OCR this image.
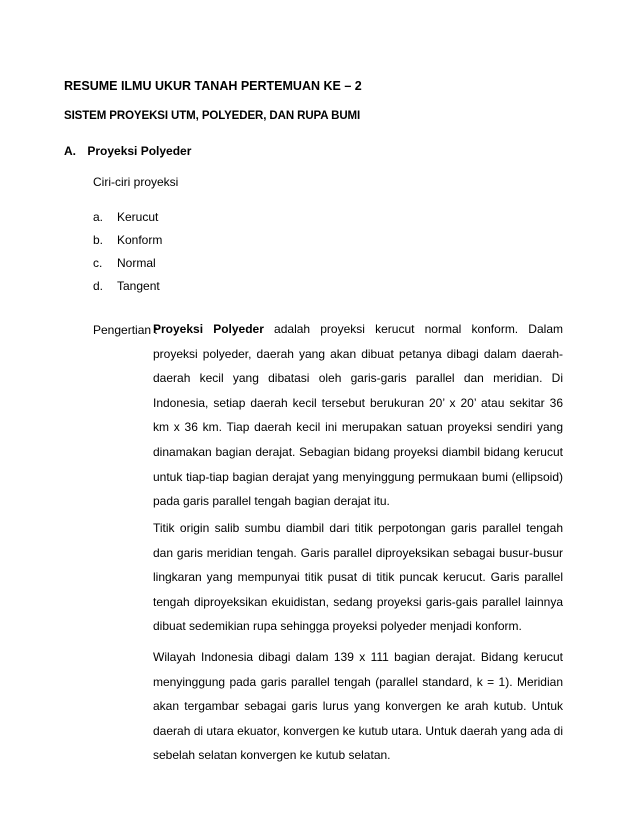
RESUME ILMU UKUR TANAH PERTEMUAN KE – 2
SISTEM PROYEKSI UTM, POLYEDER, DAN RUPA BUMI
A. Proyeksi Polyeder
Ciri-ciri proyeksi
a. Kerucut
b. Konform
c. Normal
d. Tangent
Pengertian :
Proyeksi Polyeder adalah proyeksi kerucut normal konform. Dalam proyeksi polyeder, daerah yang akan dibuat petanya dibagi dalam daerah-daerah kecil yang dibatasi oleh garis-garis parallel dan meridian. Di Indonesia, setiap daerah kecil tersebut berukuran 20’ x 20’ atau sekitar 36 km x 36 km. Tiap daerah kecil ini merupakan satuan proyeksi sendiri yang dinamakan bagian derajat. Sebagian bidang proyeksi diambil bidang kerucut untuk tiap-tiap bagian derajat yang menyinggung permukaan bumi (ellipsoid) pada garis parallel tengah bagian derajat itu.
Titik origin salib sumbu diambil dari titik perpotongan garis parallel tengah dan garis meridian tengah. Garis parallel diproyeksikan sebagai busur-busur lingkaran yang mempunyai titik pusat di titik puncak kerucut. Garis parallel tengah diproyeksikan ekuidistan, sedang proyeksi garis-gais parallel lainnya dibuat sedemikian rupa sehingga proyeksi polyeder menjadi konform.
Wilayah Indonesia dibagi dalam 139 x 111 bagian derajat. Bidang kerucut menyinggung pada garis parallel tengah (parallel standard, k = 1). Meridian akan tergambar sebagai garis lurus yang konvergen ke arah kutub. Untuk daerah di utara ekuator, konvergen ke kutub utara. Untuk daerah yang ada di sebelah selatan konvergen ke kutub selatan.
